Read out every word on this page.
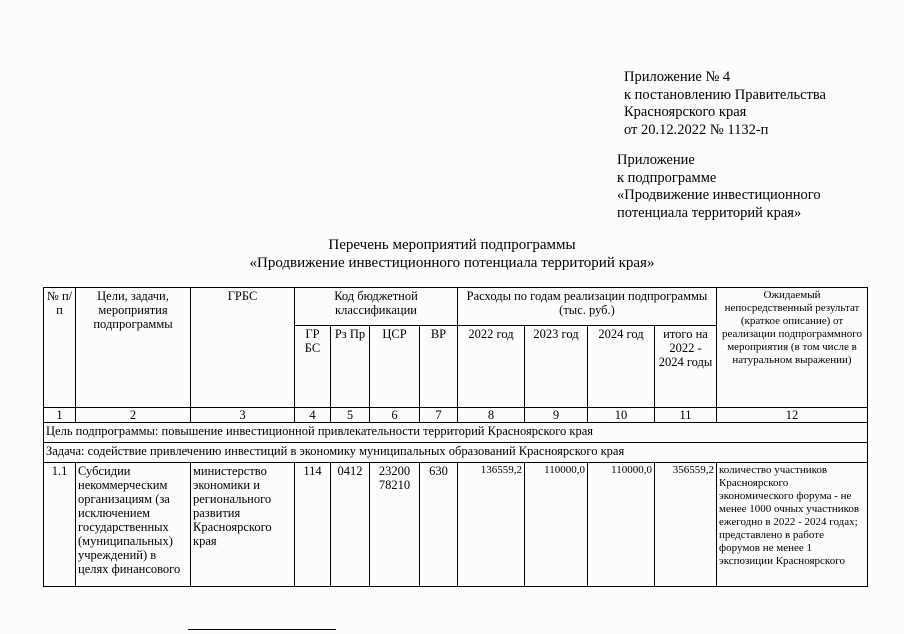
Приложение № 4
к постановлению Правительства
Красноярского края
от 20.12.2022 № 1132-п
Приложение
к подпрограмме
«Продвижение инвестиционного
потенциала территорий края»
Перечень мероприятий подпрограммы
«Продвижение инвестиционного потенциала территорий края»
№ п/ п	Цели, задачи, мероприятия подпрограммы	ГРБС	Код бюджетной классификации				Расходы по годам реализации подпрограммы (тыс. руб.)				Ожидаемый непосредственный результат (краткое описание) от реализации подпрограммного мероприятия (в том числе в натуральном выражении)
			ГР БС	Рз Пр	ЦСР	ВР	2022 год	2023 год	2024 год	итого на 2022 - 2024 годы	
1	2	3	4	5	6	7	8	9	10	11	12
Цель подпрограммы: повышение инвестиционной привлекательности территорий Красноярского края											
Задача: содействие привлечению инвестиций в экономику муниципальных образований Красноярского края											
1.1	Субсидии некоммерческим организациям (за исключением государственных (муниципальных) учреждений) в целях финансового	министерство экономики и регионального развития Красноярского края	114	0412	23200 78210	630	136559,2	110000,0	110000,0	356559,2	количество участников Красноярского экономического форума - не менее 1000 очных участников ежегодно в 2022 - 2024 годах; представлено в работе форумов не менее 1 экспозиции Красноярского
